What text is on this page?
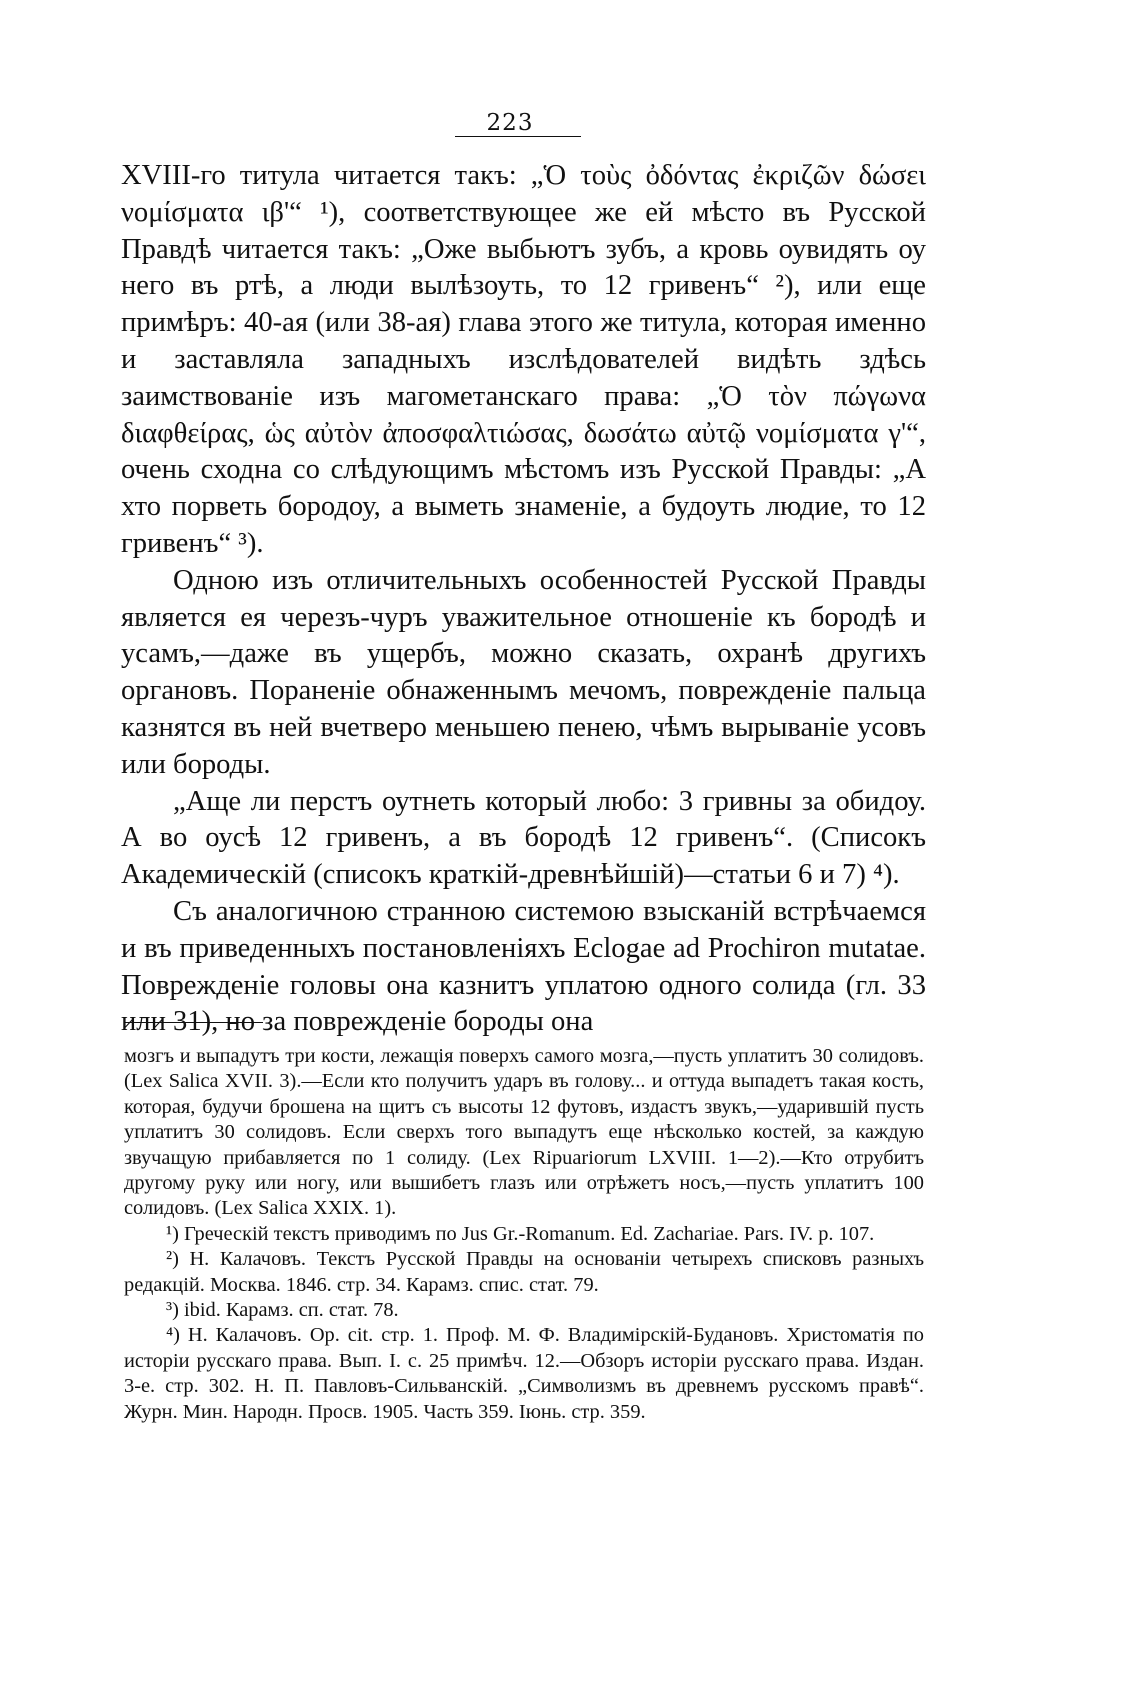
223

XVIII-го титула читается такъ: „Ὁ τοὺς ὀδόντας ἐκριζῶν δώσει νομίσματα ιβ'“ ¹), соответствующее же ей мѣсто въ Русской Правдѣ читается такъ: „Оже выбьютъ зубъ, а кровь оувидять оу него въ ртѣ, а люди вылѣзоуть, то 12 гривенъ“ ²), или еще примѣръ: 40-ая (или 38-ая) глава этого же титула, которая именно и заставляла западныхъ изслѣдователей видѣть здѣсь заимствованіе изъ магометанскаго права: „Ὁ τὸν πώγωνα διαφθείρας, ὡς αὐτὸν ἀποσφαλτιώσας, δωσάτω αὐτῷ νομίσματα γ'“, очень сходна со слѣдующимъ мѣстомъ изъ Русской Правды: „А хто порветь бородоу, а выметь знаменіе, а будоуть людие, то 12 гривенъ“ ³).

Одною изъ отличительныхъ особенностей Русской Правды является ея черезъ-чуръ уважительное отношеніе къ бородѣ и усамъ,—даже въ ущербъ, можно сказать, охранѣ другихъ органовъ. Пораненіе обнаженнымъ мечомъ, поврежденіе пальца казнятся въ ней вчетверо меньшею пенею, чѣмъ вырываніе усовъ или бороды.

„Аще ли перстъ оутнеть который любо: 3 гривны за обидоу. А во оусѣ 12 гривенъ, а въ бородѣ 12 гривенъ“. (Списокъ Академическій (списокъ краткій-древнѣйшій)—статьи 6 и 7) ⁴).

Съ аналогичною странною системою взысканій встрѣчаемся и въ приведенныхъ постановленіяхъ Eclogae ad Prochiron mutatae. Поврежденіе головы она казнитъ уплатою одного солида (гл. 33 или 31), но за поврежденіе бороды она

мозгъ и выпадутъ три кости, лежащія поверхъ самого мозга,—пусть уплатитъ 30 солидовъ. (Lex Salica XVII. 3).—Если кто получитъ ударъ въ голову... и оттуда выпадетъ такая кость, которая, будучи брошена на щитъ съ высоты 12 футовъ, издастъ звукъ,—ударившій пусть уплатитъ 30 солидовъ. Если сверхъ того выпадутъ еще нѣсколько костей, за каждую звучащую прибавляется по 1 солиду. (Lex Ripuariorum LXVIII. 1—2).—Кто отрубитъ другому руку или ногу, или вышибетъ глазъ или отрѣжетъ носъ,—пусть уплатитъ 100 солидовъ. (Lex Salica XXIX. 1).

¹) Греческій текстъ приводимъ по Jus Gr.-Romanum. Ed. Zachariae. Pars. IV. p. 107.

²) Н. Калачовъ. Текстъ Русской Правды на основаніи четырехъ списковъ разныхъ редакцій. Москва. 1846. стр. 34. Карамз. спис. стат. 79.

³) ibid. Карамз. сп. стат. 78.

⁴) Н. Калачовъ. Op. cit. стр. 1. Проф. М. Ф. Владимірскій-Будановъ. Христоматія по исторіи русскаго права. Вып. I. с. 25 примѣч. 12.—Обзоръ исторіи русскаго права. Издан. 3-е. стр. 302. Н. П. Павловъ-Сильванскій. „Символизмъ въ древнемъ русскомъ правѣ“. Журн. Мин. Народн. Просв. 1905. Часть 359. Іюнь. стр. 359.
